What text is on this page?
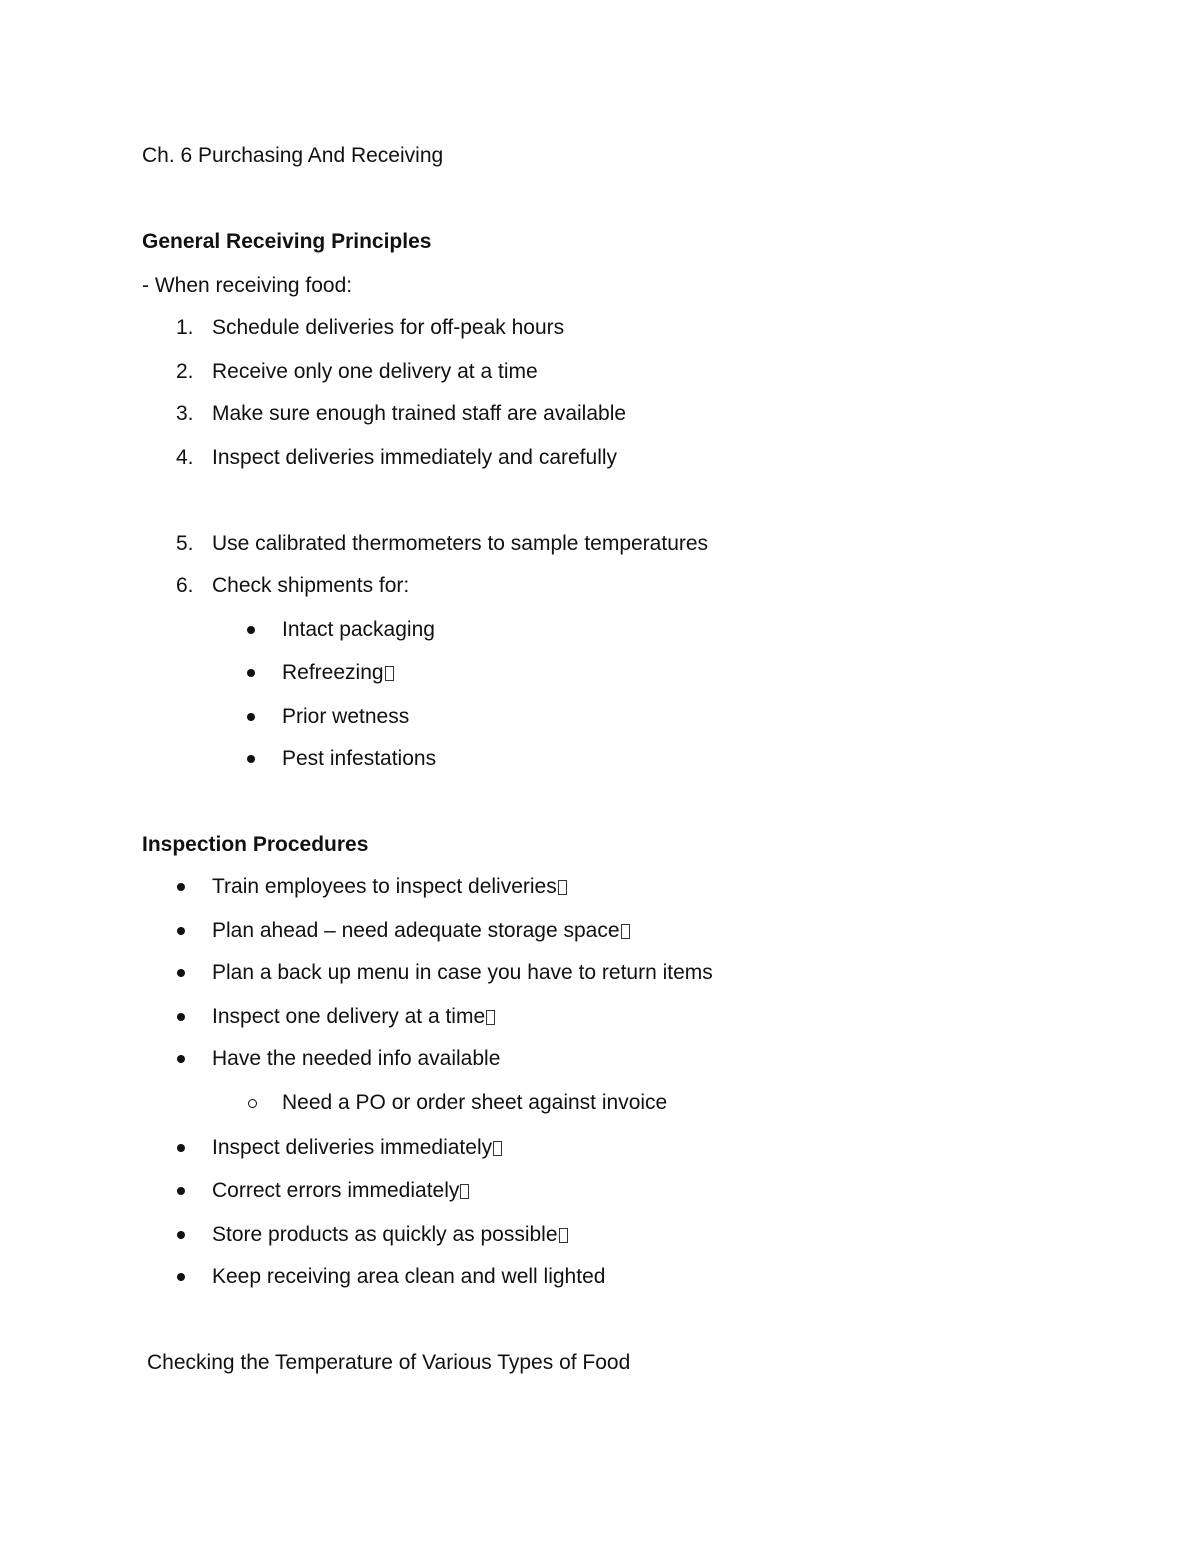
Ch. 6 Purchasing And Receiving
General Receiving Principles
- When receiving food:
1. Schedule deliveries for off-peak hours
2. Receive only one delivery at a time
3. Make sure enough trained staff are available
4. Inspect deliveries immediately and carefully
5. Use calibrated thermometers to sample temperatures
6. Check shipments for:
Intact packaging
Refreezing
Prior wetness
Pest infestations
Inspection Procedures
Train employees to inspect deliveries
Plan ahead – need adequate storage space
Plan a back up menu in case you have to return items
Inspect one delivery at a time
Have the needed info available
Need a PO or order sheet against invoice
Inspect deliveries immediately
Correct errors immediately
Store products as quickly as possible
Keep receiving area clean and well lighted
Checking the Temperature of Various Types of Food
